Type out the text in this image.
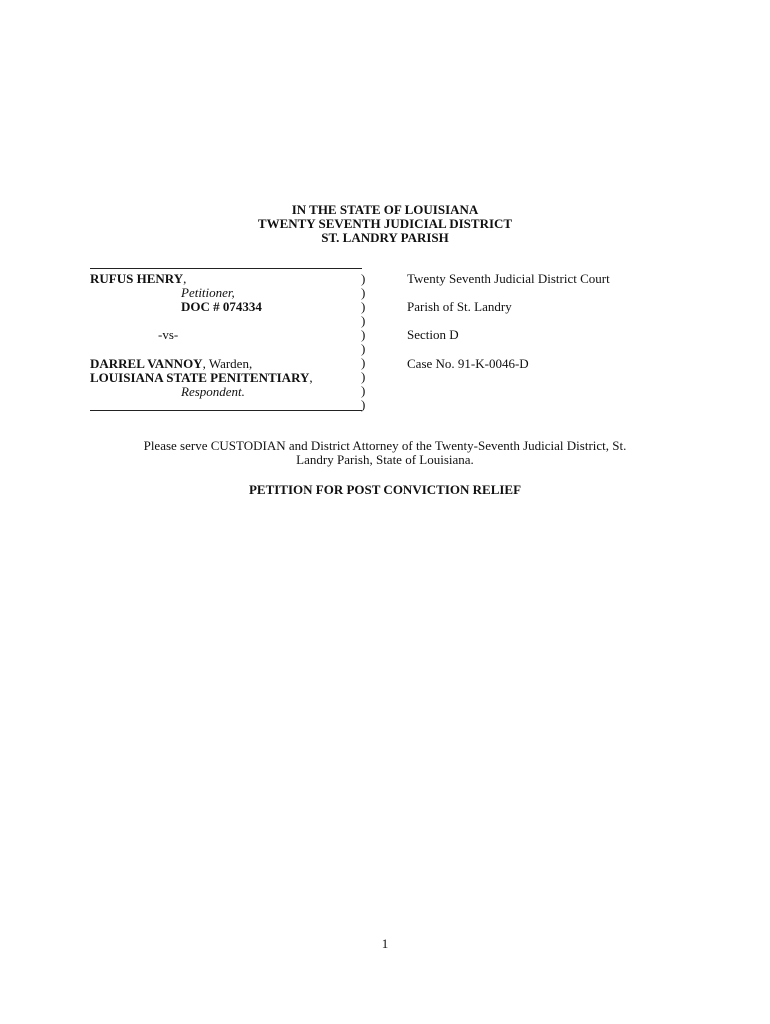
IN THE STATE OF LOUISIANA
TWENTY SEVENTH JUDICIAL DISTRICT
ST. LANDRY PARISH
RUFUS HENRY,
Petitioner,
DOC # 074334
-vs-
DARREL VANNOY, Warden,
LOUISIANA STATE PENITENTIARY,
Respondent.
)
)
)
)
)
)
)
)
)
)
Twenty Seventh Judicial District Court
Parish of St. Landry
Section D
Case No. 91-K-0046-D
Please serve CUSTODIAN and District Attorney of the Twenty-Seventh Judicial District, St.
Landry Parish, State of Louisiana.
PETITION FOR POST CONVICTION RELIEF
1
